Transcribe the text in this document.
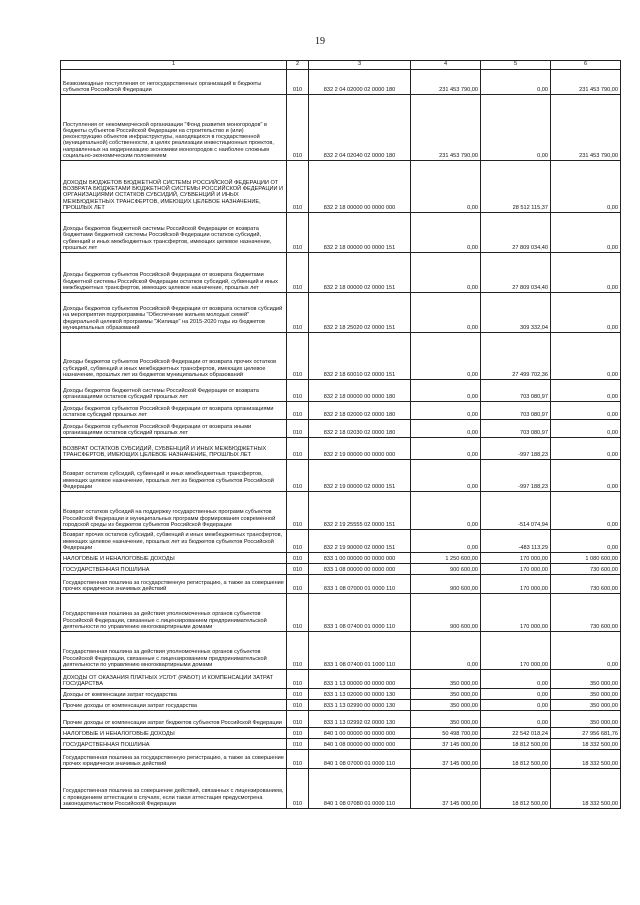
19
1	2	3	4	5	6
Безвозмездные поступления от негосударственных организаций в бюджеты субъектов Российской Федерации	010	832 2 04 02000 02 0000 180	231 453 790,00	0,00	231 453 790,00
Поступления от некоммерческой организации "Фонд развития моногородов" в бюджеты субъектов Российской Федерации на строительство и (или) реконструкцию объектов инфраструктуры, находящихся в государственной (муниципальной) собственности, в целях реализации инвестиционных проектов, направленных на модернизацию экономики моногородов с наиболее сложным социально-экономическим положением	010	832 2 04 02040 02 0000 180	231 453 790,00	0,00	231 453 790,00
ДОХОДЫ БЮДЖЕТОВ БЮДЖЕТНОЙ СИСТЕМЫ РОССИЙСКОЙ ФЕДЕРАЦИИ ОТ ВОЗВРАТА БЮДЖЕТАМИ БЮДЖЕТНОЙ СИСТЕМЫ РОССИЙСКОЙ ФЕДЕРАЦИИ И ОРГАНИЗАЦИЯМИ ОСТАТКОВ СУБСИДИЙ, СУБВЕНЦИЙ И ИНЫХ МЕЖБЮДЖЕТНЫХ ТРАНСФЕРТОВ, ИМЕЮЩИХ ЦЕЛЕВОЕ НАЗНАЧЕНИЕ, ПРОШЛЫХ ЛЕТ	010	832 2 18 00000 00 0000 000	0,00	28 512 115,37	0,00
Доходы бюджетов бюджетной системы Российской Федерации от возврата бюджетами бюджетной системы Российской Федерации остатков субсидий, субвенций и иных межбюджетных трансфертов, имеющих целевое назначение, прошлых лет	010	832 2 18 00000 00 0000 151	0,00	27 809 034,40	0,00
Доходы бюджетов субъектов Российской Федерации от возврата бюджетами бюджетной системы Российской Федерации остатков субсидий, субвенций и иных межбюджетных трансфертов, имеющих целевое назначение, прошлых лет	010	832 2 18 00000 02 0000 151	0,00	27 809 034,40	0,00
Доходы бюджетов субъектов Российской Федерации от возврата остатков субсидий на мероприятия подпрограммы "Обеспечение жильем молодых семей" федеральной целевой программы "Жилище" на 2015-2020 годы из бюджетов муниципальных образований	010	832 2 18 25020 02 0000 151	0,00	309 332,04	0,00
Доходы бюджетов субъектов Российской Федерации от возврата прочих остатков субсидий, субвенций и иных межбюджетных трансфертов, имеющих целевое назначение, прошлых лет из бюджетов муниципальных образований	010	832 2 18 60010 02 0000 151	0,00	27 499 702,36	0,00
Доходы бюджетов бюджетной системы Российской Федерации от возврата организациями остатков субсидий прошлых лет	010	832 2 18 00000 00 0000 180	0,00	703 080,97	0,00
Доходы бюджетов субъектов Российской Федерации от возврата организациями остатков субсидий прошлых лет	010	832 2 18 02000 02 0000 180	0,00	703 080,97	0,00
Доходы бюджетов субъектов Российской Федерации от возврата иными организациями остатков субсидий прошлых лет	010	832 2 18 02030 02 0000 180	0,00	703 080,97	0,00
ВОЗВРАТ ОСТАТКОВ СУБСИДИЙ, СУБВЕНЦИЙ И ИНЫХ МЕЖБЮДЖЕТНЫХ ТРАНСФЕРТОВ, ИМЕЮЩИХ ЦЕЛЕВОЕ НАЗНАЧЕНИЕ, ПРОШЛЫХ ЛЕТ	010	832 2 19 00000 00 0000 000	0,00	-997 188,23	0,00
Возврат остатков субсидий, субвенций и иных межбюджетных трансфертов, имеющих целевое назначение, прошлых лет из бюджетов субъектов Российской Федерации	010	832 2 19 00000 02 0000 151	0,00	-997 188,23	0,00
Возврат остатков субсидий на поддержку государственных программ субъектов Российской Федерации и муниципальных программ формирования современной городской среды из бюджетов субъектов Российской Федерации	010	832 2 19 25555 02 0000 151	0,00	-514 074,94	0,00
Возврат прочих остатков субсидий, субвенций и иных межбюджетных трансфертов, имеющих целевое назначение, прошлых лет из бюджетов субъектов Российской Федерации	010	832 2 19 90000 02 0000 151	0,00	-483 113,29	0,00
НАЛОГОВЫЕ И НЕНАЛОГОВЫЕ ДОХОДЫ	010	833 1 00 00000 00 0000 000	1 250 600,00	170 000,00	1 080 600,00
ГОСУДАРСТВЕННАЯ ПОШЛИНА	010	833 1 08 00000 00 0000 000	900 600,00	170 000,00	730 600,00
Государственная пошлина за государственную регистрацию, а также за совершение прочих юридически значимых действий	010	833 1 08 07000 01 0000 110	900 600,00	170 000,00	730 600,00
Государственная пошлина за действия уполномоченных органов субъектов Российской Федерации, связанные с лицензированием предпринимательской деятельности по управлению многоквартирными домами	010	833 1 08 07400 01 0000 110	900 600,00	170 000,00	730 600,00
Государственная пошлина за действия уполномоченных органов субъектов Российской Федерации, связанные с лицензированием предпринимательской деятельности по управлению многоквартирными домами	010	833 1 08 07400 01 1000 110	0,00	170 000,00	0,00
ДОХОДЫ ОТ ОКАЗАНИЯ ПЛАТНЫХ УСЛУГ (РАБОТ) И КОМПЕНСАЦИИ ЗАТРАТ ГОСУДАРСТВА	010	833 1 13 00000 00 0000 000	350 000,00	0,00	350 000,00
Доходы от компенсации затрат государства	010	833 1 13 02000 00 0000 130	350 000,00	0,00	350 000,00
Прочие доходы от компенсации затрат государства	010	833 1 13 02990 00 0000 130	350 000,00	0,00	350 000,00
Прочие доходы от компенсации затрат бюджетов субъектов Российской Федерации	010	833 1 13 02992 02 0000 130	350 000,00	0,00	350 000,00
НАЛОГОВЫЕ И НЕНАЛОГОВЫЕ ДОХОДЫ	010	840 1 00 00000 00 0000 000	50 498 700,00	22 542 018,24	27 956 681,76
ГОСУДАРСТВЕННАЯ ПОШЛИНА	010	840 1 08 00000 00 0000 000	37 145 000,00	18 812 500,00	18 332 500,00
Государственная пошлина за государственную регистрацию, а также за совершение прочих юридически значимых действий	010	840 1 08 07000 01 0000 110	37 145 000,00	18 812 500,00	18 332 500,00
Государственная пошлина за совершение действий, связанных с лицензированием, с проведением аттестации в случаях, если такая аттестация предусмотрена законодательством Российской Федерации	010	840 1 08 07080 01 0000 110	37 145 000,00	18 812 500,00	18 332 500,00
